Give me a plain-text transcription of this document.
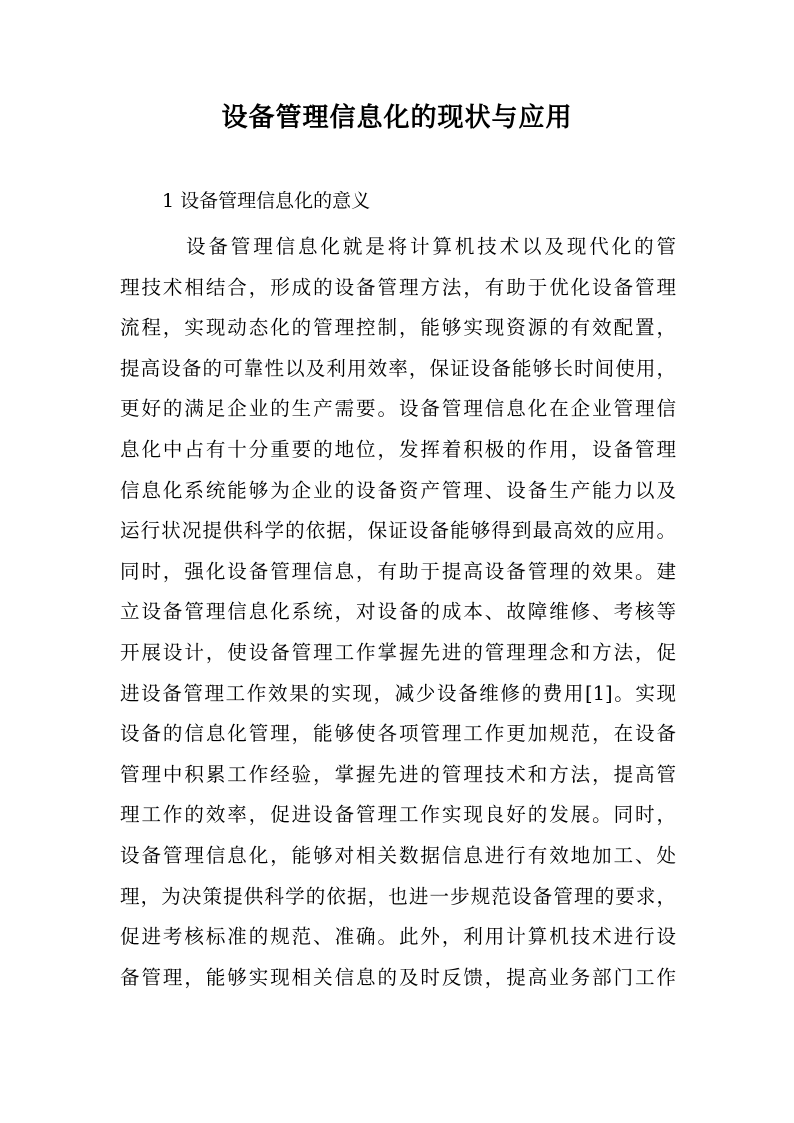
设备管理信息化的现状与应用

1 设备管理信息化的意义

设备管理信息化就是将计算机技术以及现代化的管
理技术相结合，形成的设备管理方法，有助于优化设备管理
流程，实现动态化的管理控制，能够实现资源的有效配置，
提高设备的可靠性以及利用效率，保证设备能够长时间使用，
更好的满足企业的生产需要。设备管理信息化在企业管理信
息化中占有十分重要的地位，发挥着积极的作用，设备管理
信息化系统能够为企业的设备资产管理、设备生产能力以及
运行状况提供科学的依据，保证设备能够得到最高效的应用。
同时，强化设备管理信息，有助于提高设备管理的效果。建
立设备管理信息化系统，对设备的成本、故障维修、考核等
开展设计，使设备管理工作掌握先进的管理理念和方法，促
进设备管理工作效果的实现，减少设备维修的费用[1]。实现
设备的信息化管理，能够使各项管理工作更加规范，在设备
管理中积累工作经验，掌握先进的管理技术和方法，提高管
理工作的效率，促进设备管理工作实现良好的发展。同时，
设备管理信息化，能够对相关数据信息进行有效地加工、处
理，为决策提供科学的依据，也进一步规范设备管理的要求，
促进考核标准的规范、准确。此外，利用计算机技术进行设
备管理，能够实现相关信息的及时反馈，提高业务部门工作
